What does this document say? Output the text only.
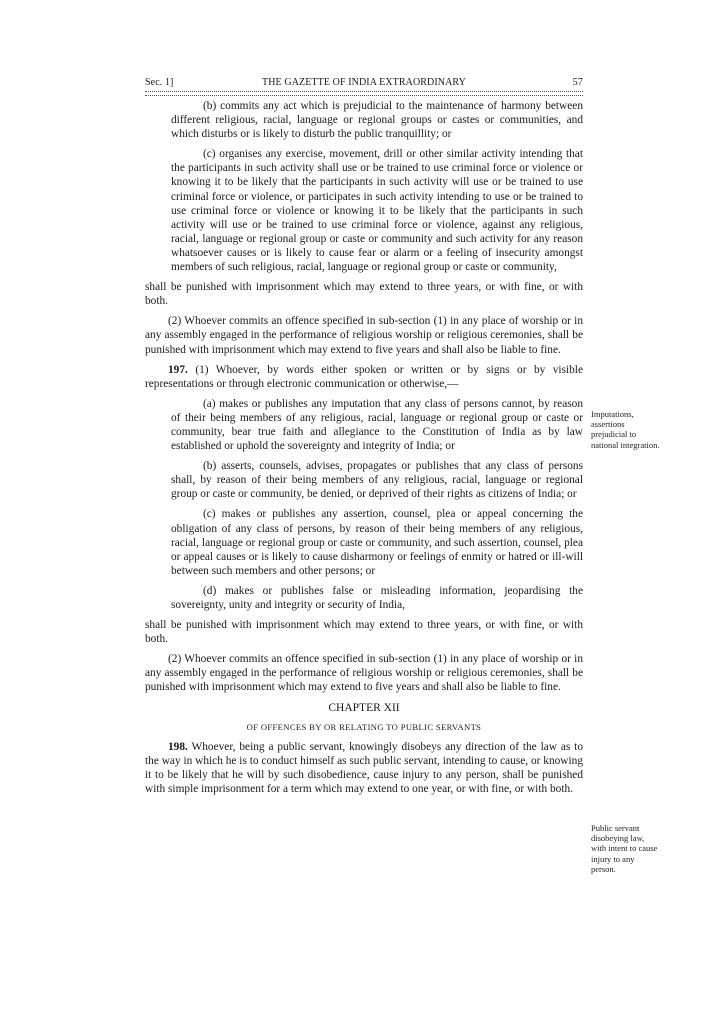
Sec. 1]	THE GAZETTE OF INDIA EXTRAORDINARY	57

(b) commits any act which is prejudicial to the maintenance of harmony between different religious, racial, language or regional groups or castes or communities, and which disturbs or is likely to disturb the public tranquillity; or

(c) organises any exercise, movement, drill or other similar activity intending that the participants in such activity shall use or be trained to use criminal force or violence or knowing it to be likely that the participants in such activity will use or be trained to use criminal force or violence, or participates in such activity intending to use or be trained to use criminal force or violence or knowing it to be likely that the participants in such activity will use or be trained to use criminal force or violence, against any religious, racial, language or regional group or caste or community and such activity for any reason whatsoever causes or is likely to cause fear or alarm or a feeling of insecurity amongst members of such religious, racial, language or regional group or caste or community,

shall be punished with imprisonment which may extend to three years, or with fine, or with both.

(2) Whoever commits an offence specified in sub-section (1) in any place of worship or in any assembly engaged in the performance of religious worship or religious ceremonies, shall be punished with imprisonment which may extend to five years and shall also be liable to fine.

197. (1) Whoever, by words either spoken or written or by signs or by visible representations or through electronic communication or otherwise,—

(a) makes or publishes any imputation that any class of persons cannot, by reason of their being members of any religious, racial, language or regional group or caste or community, bear true faith and allegiance to the Constitution of India as by law established or uphold the sovereignty and integrity of India; or

(b) asserts, counsels, advises, propagates or publishes that any class of persons shall, by reason of their being members of any religious, racial, language or regional group or caste or community, be denied, or deprived of their rights as citizens of India; or

(c) makes or publishes any assertion, counsel, plea or appeal concerning the obligation of any class of persons, by reason of their being members of any religious, racial, language or regional group or caste or community, and such assertion, counsel, plea or appeal causes or is likely to cause disharmony or feelings of enmity or hatred or ill-will between such members and other persons; or

(d) makes or publishes false or misleading information, jeopardising the sovereignty, unity and integrity or security of India,

shall be punished with imprisonment which may extend to three years, or with fine, or with both.

(2) Whoever commits an offence specified in sub-section (1) in any place of worship or in any assembly engaged in the performance of religious worship or religious ceremonies, shall be punished with imprisonment which may extend to five years and shall also be liable to fine.

CHAPTER XII

OF OFFENCES BY OR RELATING TO PUBLIC SERVANTS

198. Whoever, being a public servant, knowingly disobeys any direction of the law as to the way in which he is to conduct himself as such public servant, intending to cause, or knowing it to be likely that he will by such disobedience, cause injury to any person, shall be punished with simple imprisonment for a term which may extend to one year, or with fine, or with both.

Imputations, assertions prejudicial to national integration.
Public servant disobeying law, with intent to cause injury to any person.
